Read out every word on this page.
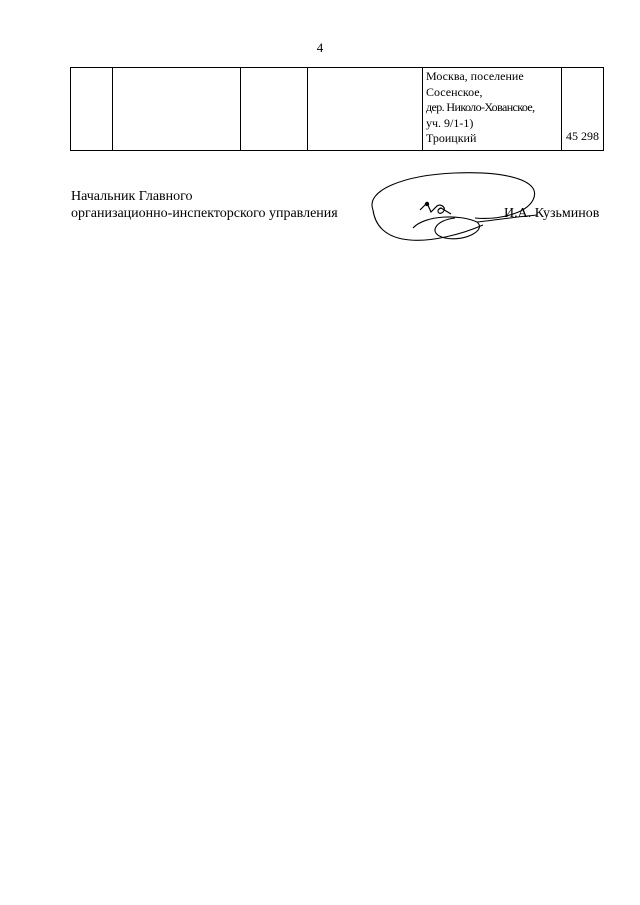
4
Москва, поселение
Сосенское,
дер. Николо-Хованское,
уч. 9/1-1)
Троицкий	45 298
Начальник Главного
организационно-инспекторского управления	И.А. Кузьминов
